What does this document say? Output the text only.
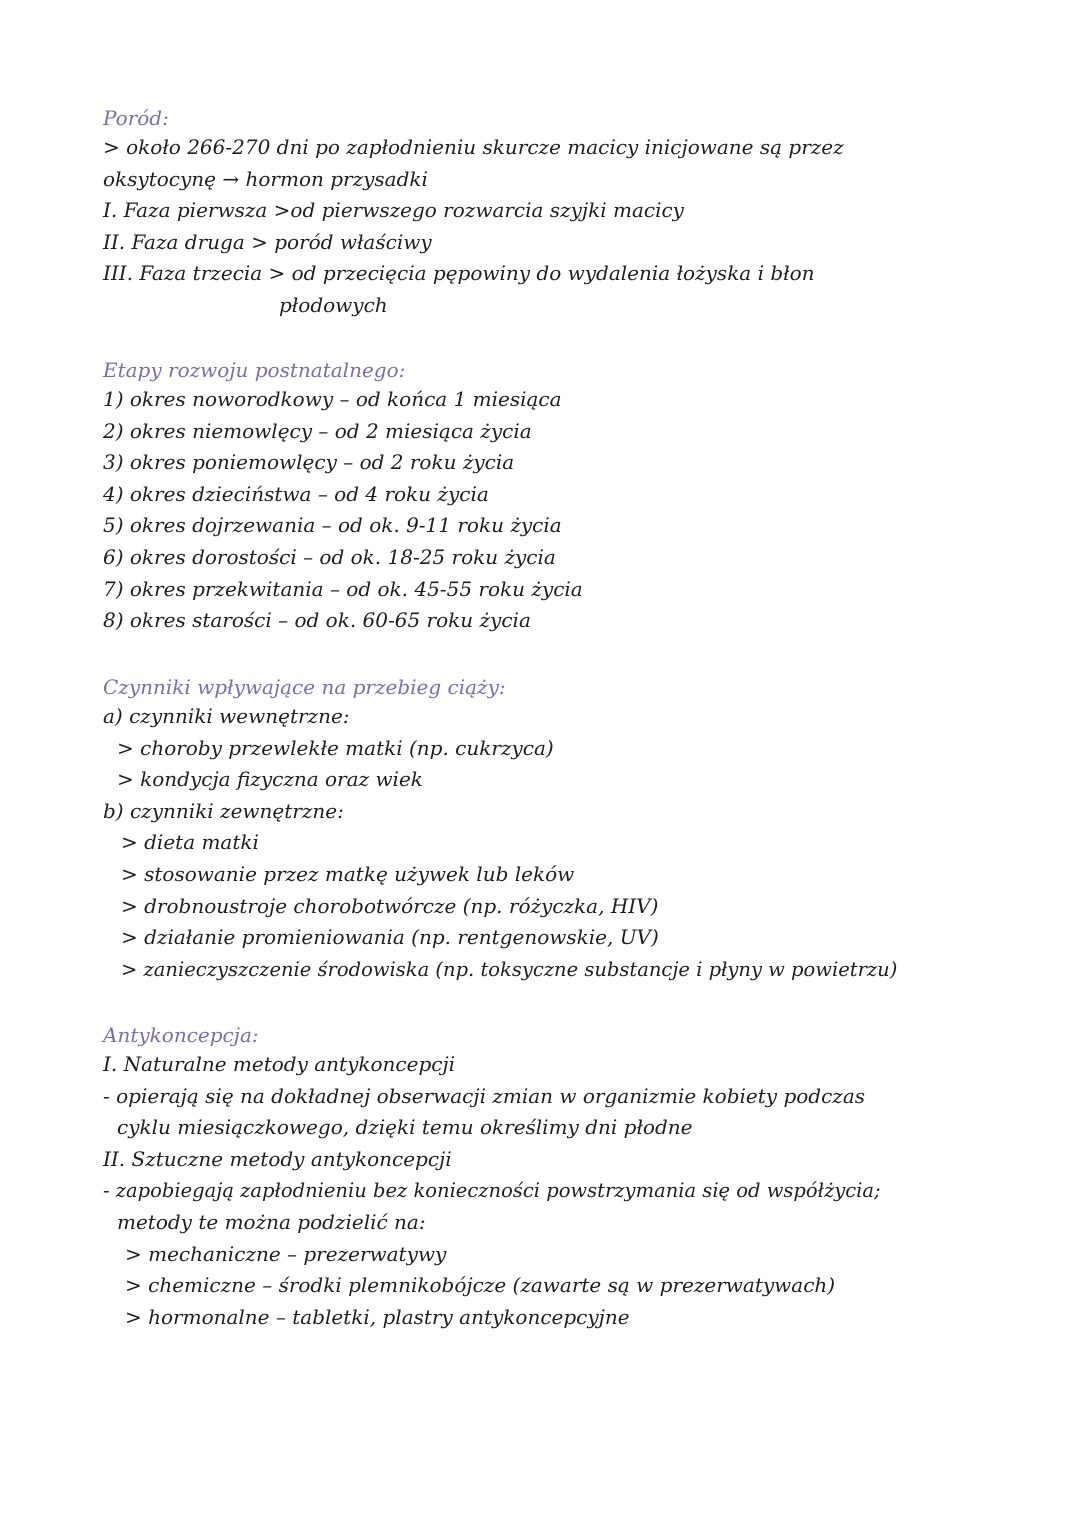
Poród:
> około 266-270 dni po zapłodnieniu skurcze macicy inicjowane są przez
oksytocynę → hormon przysadki
I. Faza pierwsza >od pierwszego rozwarcia szyjki macicy
II. Faza druga > poród właściwy
III. Faza trzecia > od przecięcia pępowiny do wydalenia łożyska i błon
płodowych
Etapy rozwoju postnatalnego:
1) okres noworodkowy – od końca 1 miesiąca
2) okres niemowlęcy – od 2 miesiąca życia
3) okres poniemowlęcy – od 2 roku życia
4) okres dzieciństwa – od 4 roku życia
5) okres dojrzewania – od ok. 9-11 roku życia
6) okres dorostości – od ok. 18-25 roku życia
7) okres przekwitania – od ok. 45-55 roku życia
8) okres starości – od ok. 60-65 roku życia
Czynniki wpływające na przebieg ciąży:
a) czynniki wewnętrzne:
> choroby przewlekłe matki (np. cukrzyca)
> kondycja fizyczna oraz wiek
b) czynniki zewnętrzne:
> dieta matki
> stosowanie przez matkę używek lub leków
> drobnoustroje chorobotwórcze (np. różyczka, HIV)
> działanie promieniowania (np. rentgenowskie, UV)
> zanieczyszczenie środowiska (np. toksyczne substancje i płyny w powietrzu)
Antykoncepcja:
I. Naturalne metody antykoncepcji
- opierają się na dokładnej obserwacji zmian w organizmie kobiety podczas
cyklu miesiączkowego, dzięki temu określimy dni płodne
II. Sztuczne metody antykoncepcji
- zapobiegają zapłodnieniu bez konieczności powstrzymania się od współżycia;
metody te można podzielić na:
> mechaniczne – prezerwatywy
> chemiczne – środki plemnikobójcze (zawarte są w prezerwatywach)
> hormonalne – tabletki, plastry antykoncepcyjne
